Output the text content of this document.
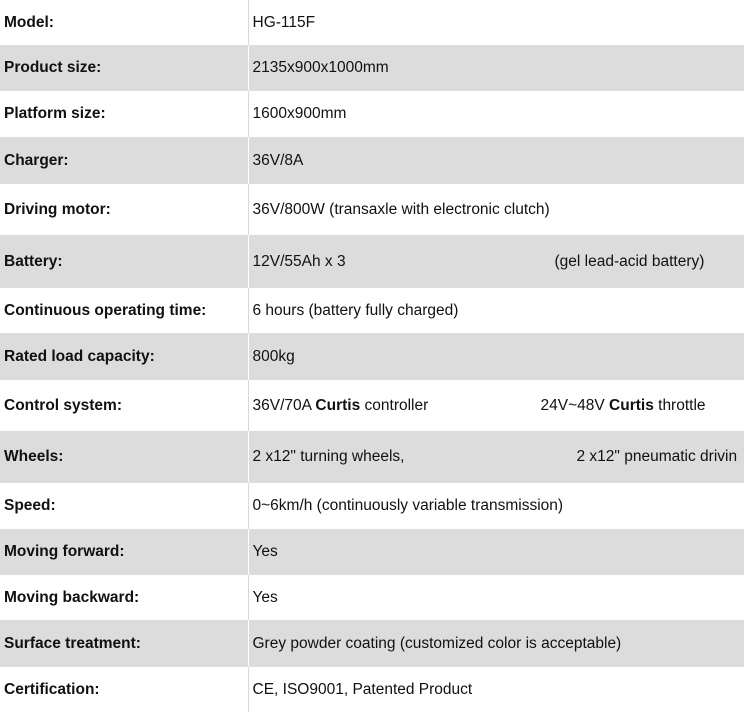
Model:	HG-115F
Product size:	2135x900x1000mm
Platform size:	1600x900mm
Charger:	36V/8A
Driving motor:	36V/800W (transaxle with electronic clutch)
Battery:	12V/55Ah x 3 (gel lead-acid battery)

Continuous operating time:	6 hours (battery fully charged)
Rated load capacity:	800kg
Control system:	36V/70A Curtis controller 24V~48V Curtis throttle

Wheels:	2 x12" turning wheels, 2 x12" pneumatic drivin

Speed:	0~6km/h (continuously variable transmission)
Moving forward:	Yes
Moving backward:	Yes
Surface treatment:	Grey powder coating (customized color is acceptable)
Certification:	CE, ISO9001, Patented Product
